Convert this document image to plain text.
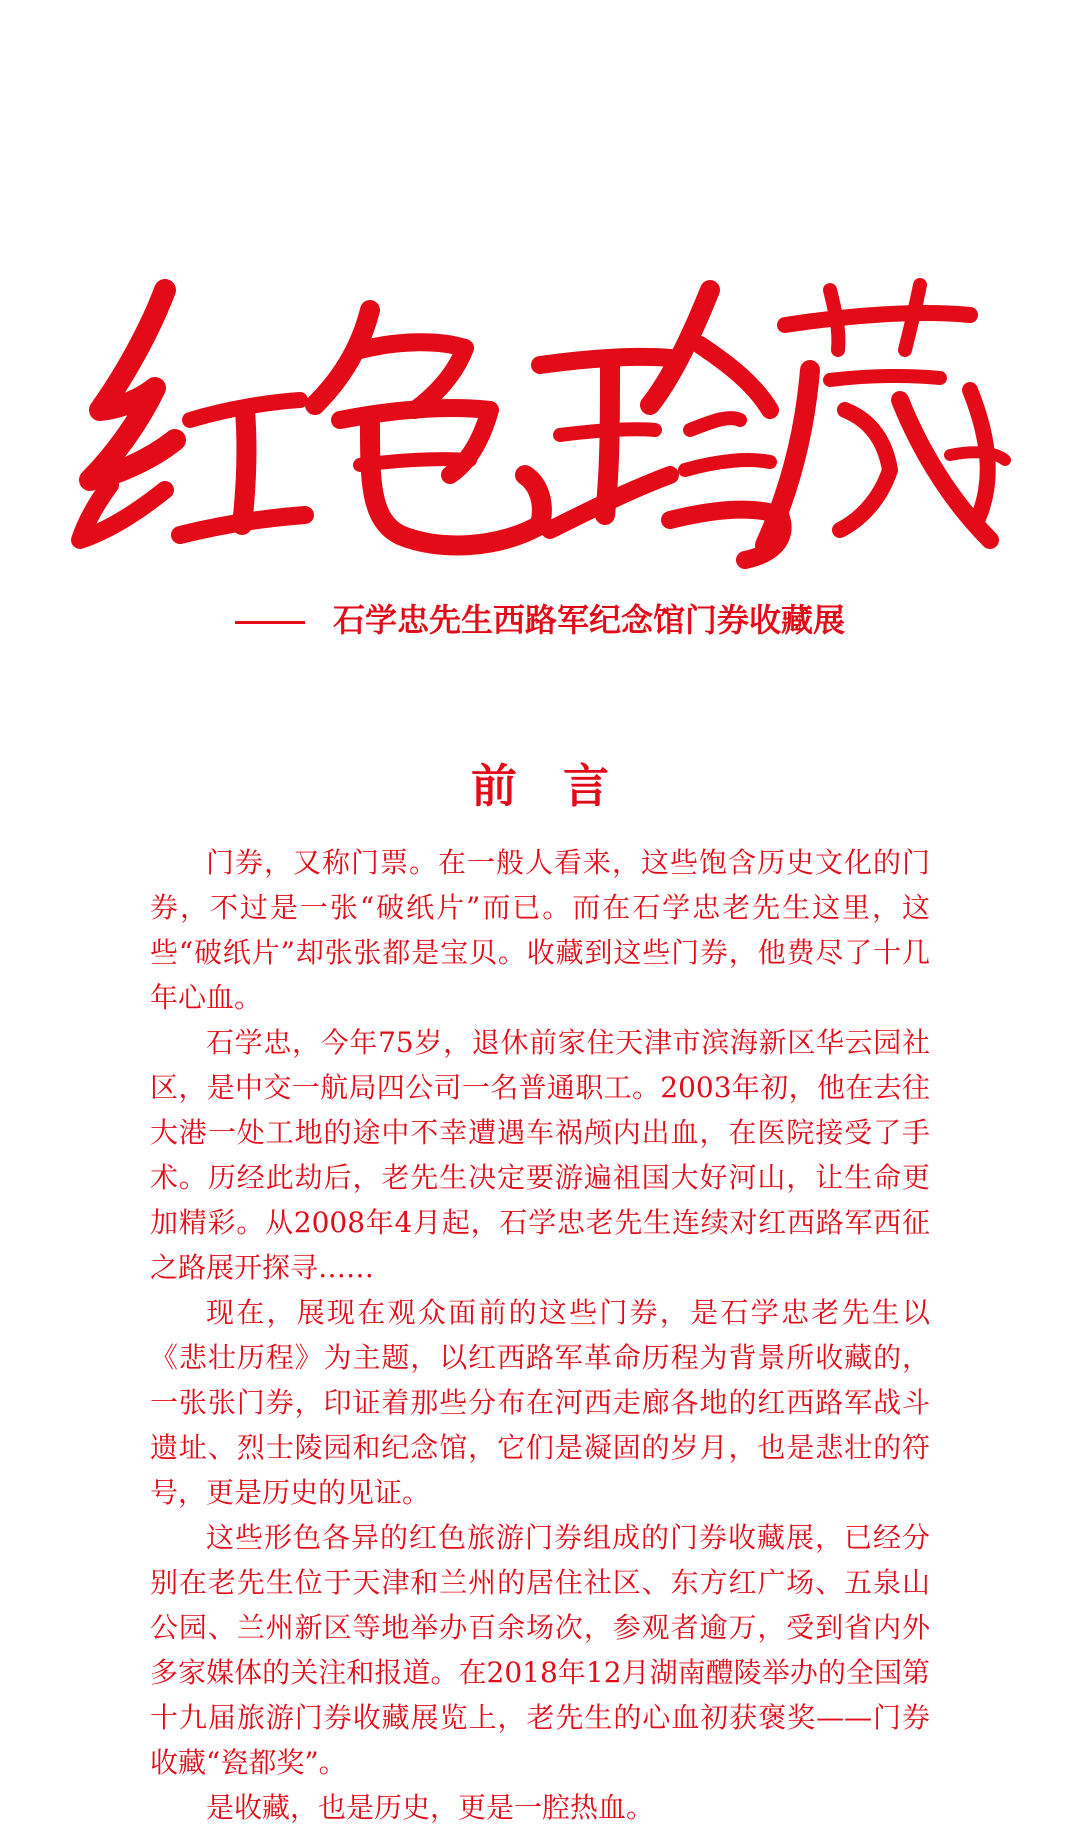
石学忠先生西路军纪念馆门券收藏展
前言

门券，又称门票。在一般人看来，这些饱含历史文化的门券，不过是一张“破纸片”而已。而在石学忠老先生这里，这些“破纸片”却张张都是宝贝。收藏到这些门券，他费尽了十几年心血。

石学忠，今年75岁，退休前家住天津市滨海新区华云园社区，是中交一航局四公司一名普通职工。2003年初，他在去往大港一处工地的途中不幸遭遇车祸颅内出血，在医院接受了手术。历经此劫后，老先生决定要游遍祖国大好河山，让生命更加精彩。从2008年4月起，石学忠老先生连续对红西路军西征之路展开探寻……

现在，展现在观众面前的这些门券，是石学忠老先生以《悲壮历程》为主题，以红西路军革命历程为背景所收藏的，一张张门券，印证着那些分布在河西走廊各地的红西路军战斗遗址、烈士陵园和纪念馆，它们是凝固的岁月，也是悲壮的符号，更是历史的见证。

这些形色各异的红色旅游门券组成的门券收藏展，已经分别在老先生位于天津和兰州的居住社区、东方红广场、五泉山公园、兰州新区等地举办百余场次，参观者逾万，受到省内外多家媒体的关注和报道。在2018年12月湖南醴陵举办的全国第十九届旅游门券收藏展览上，老先生的心血初获褒奖——门券收藏“瓷都奖”。

是收藏，也是历史，更是一腔热血。
